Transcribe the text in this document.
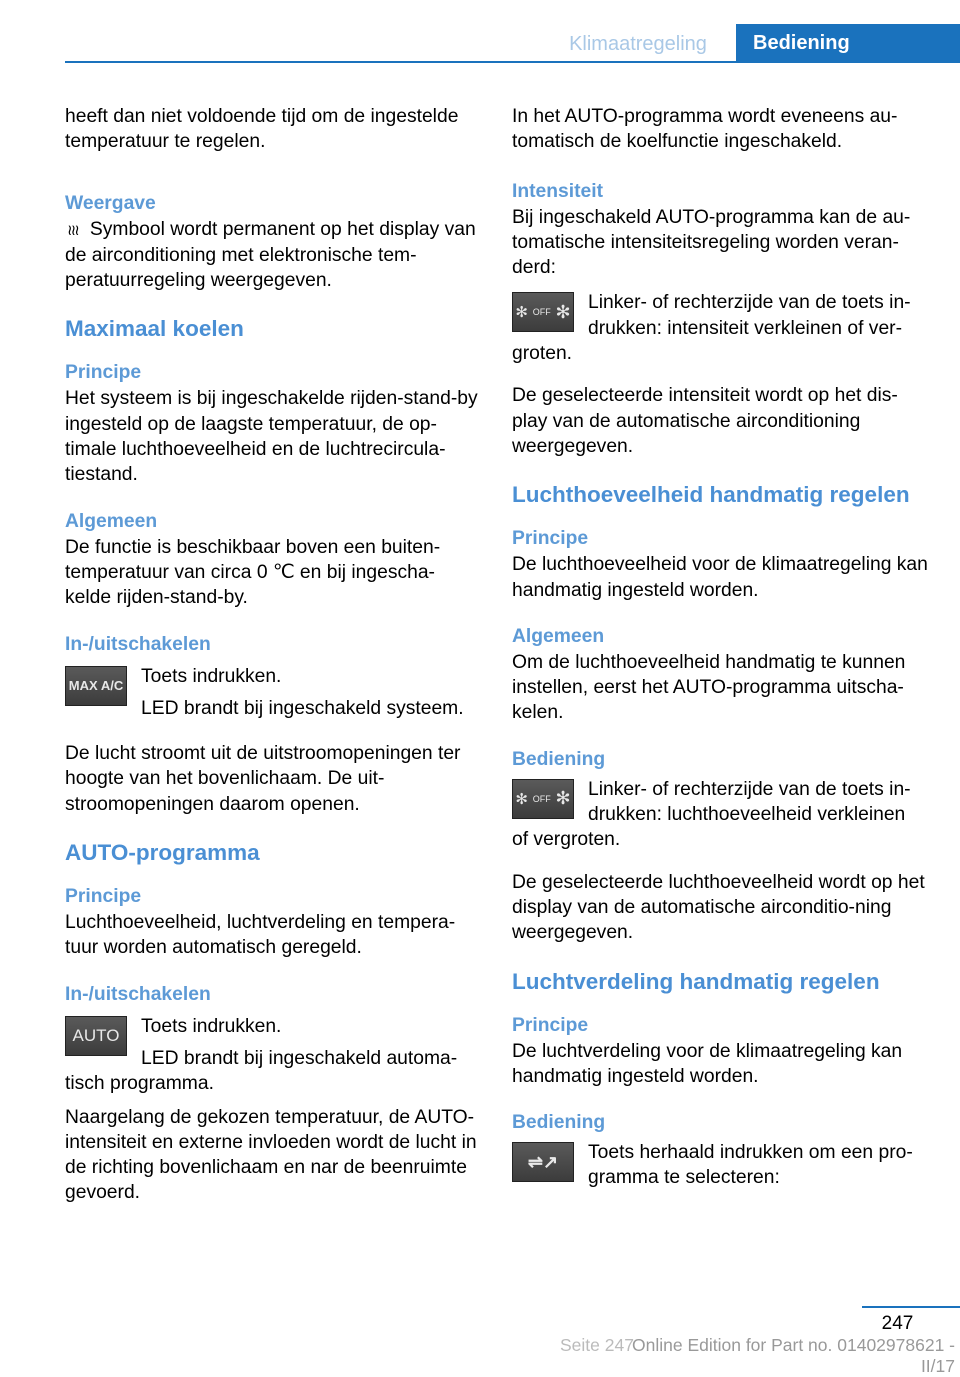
Klimaatregeling	Bediening

heeft dan niet voldoende tijd om de ingestelde temperatuur te regelen.

Weergave

≀≀≀ Symbool wordt permanent op het display van de airconditioning met elektronische tem-peratuurregeling weergegeven.

Maximaal koelen
Principe

Het systeem is bij ingeschakelde rijden-stand-by ingesteld op de laagste temperatuur, de op-timale luchthoeveelheid en de luchtrecircula-tiestand.

Algemeen

De functie is beschikbaar boven een buiten-temperatuur van circa 0 ℃ en bij ingescha-kelde rijden-stand-by.

In-/uitschakelen
MAX A/C Toets indrukken.

LED brandt bij ingeschakeld systeem.

De lucht stroomt uit de uitstroomopeningen ter hoogte van het bovenlichaam. De uit-stroomopeningen daarom openen.

AUTO-programma
Principe

Luchthoeveelheid, luchtverdeling en tempera-tuur worden automatisch geregeld.

In-/uitschakelen
AUTO	Toets indrukken.

LED brandt bij ingeschakeld automa-

tisch programma.

Naargelang de gekozen temperatuur, de AUTO-intensiteit en externe invloeden wordt de lucht in de richting bovenlichaam en nar de beenruimte gevoerd.

In het AUTO-programma wordt eveneens au-tomatisch de koelfunctie ingeschakeld.

Intensiteit

Bij ingeschakeld AUTO-programma kan de au-tomatische intensiteitsregeling worden veran-derd:

✻ OFF ✻ Linker- of rechterzijde van de toets in-drukken: intensiteit verkleinen of ver-

groten.

De geselecteerde intensiteit wordt op het dis-play van de automatische airconditioning weergegeven.

Luchthoeveelheid handmatig regelen
Principe

De luchthoeveelheid voor de klimaatregeling kan handmatig ingesteld worden.

Algemeen

Om de luchthoeveelheid handmatig te kunnen instellen, eerst het AUTO-programma uitscha-kelen.

Bediening
✻ OFF ✻ Linker- of rechterzijde van de toets in-drukken: luchthoeveelheid verkleinen

of vergroten.

De geselecteerde luchthoeveelheid wordt op het display van de automatische airconditio-ning weergegeven.

Luchtverdeling handmatig regelen
Principe

De luchtverdeling voor de klimaatregeling kan handmatig ingesteld worden.

Bediening
⇌↗ Toets herhaald indrukken om een pro-gramma te selecteren:

247
Seite 247
Online Edition for Part no. 01402978621 - II/17
